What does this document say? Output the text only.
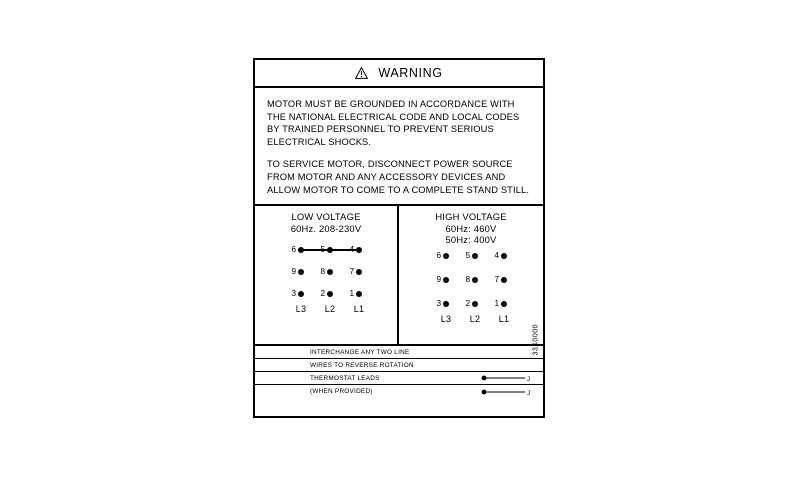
WARNING

MOTOR MUST BE GROUNDED IN ACCORDANCE WITH THE NATIONAL ELECTRICAL CODE AND LOCAL CODES BY TRAINED PERSONNEL TO PREVENT SERIOUS ELECTRICAL SHOCKS.

TO SERVICE MOTOR, DISCONNECT POWER SOURCE FROM MOTOR AND ANY ACCESSORY DEVICES AND ALLOW MOTOR TO COME TO A COMPLETE STAND STILL.

LOW VOLTAGE
60Hz. 208-230V
6	5	4
9	8	7
3	2	1
L3	L2	L1
HIGH VOLTAGE
60Hz: 460V
50Hz: 400V
6	5	4
9	8	7
3	2	1
L3	L2	L1
33X0000
INTERCHANGE ANY TWO LINE
WIRES TO REVERSE ROTATION
THERMOSTAT LEADS	J
(WHEN PROVIDED)	J
